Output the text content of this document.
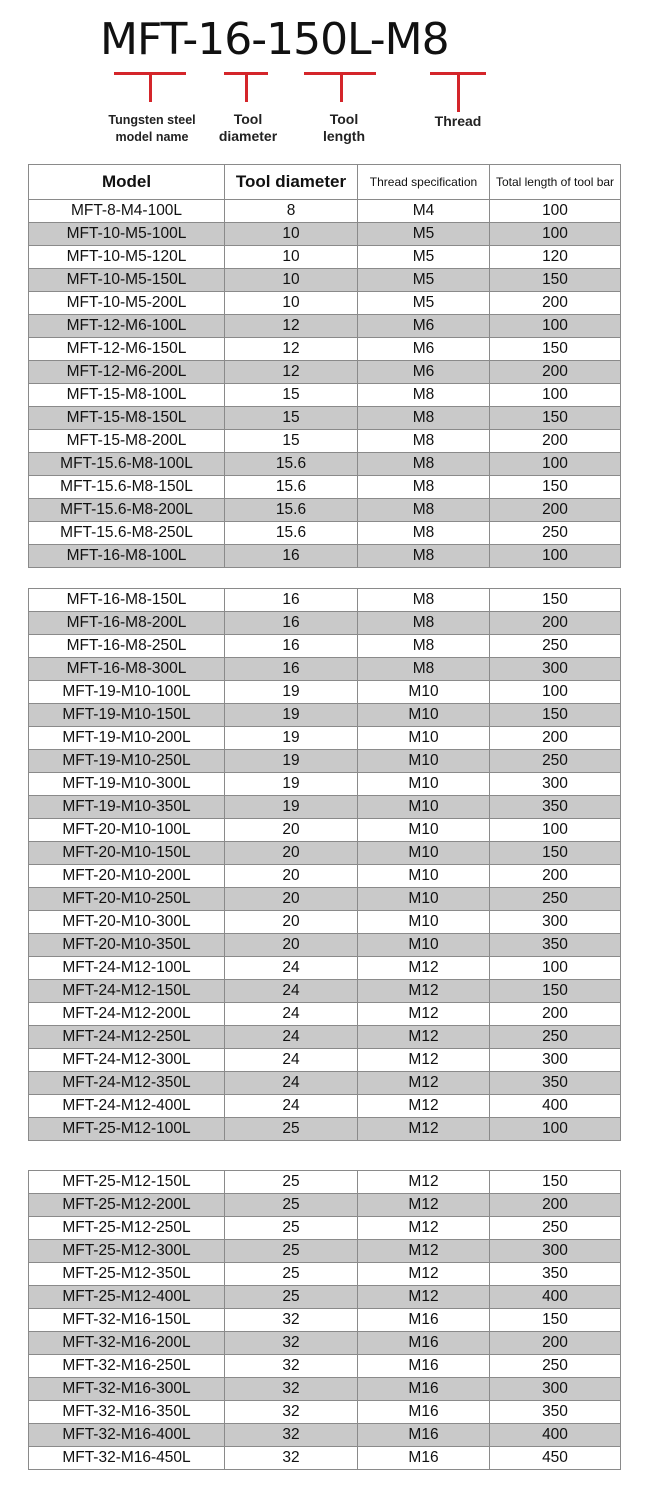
MFT-16-150L-M8
Tungsten steel model name
Tool diameter
Tool length
Thread
Model	Tool diameter	Thread specification	Total length of tool bar
MFT-8-M4-100L	8	M4	100
MFT-10-M5-100L	10	M5	100
MFT-10-M5-120L	10	M5	120
MFT-10-M5-150L	10	M5	150
MFT-10-M5-200L	10	M5	200
MFT-12-M6-100L	12	M6	100
MFT-12-M6-150L	12	M6	150
MFT-12-M6-200L	12	M6	200
MFT-15-M8-100L	15	M8	100
MFT-15-M8-150L	15	M8	150
MFT-15-M8-200L	15	M8	200
MFT-15.6-M8-100L	15.6	M8	100
MFT-15.6-M8-150L	15.6	M8	150
MFT-15.6-M8-200L	15.6	M8	200
MFT-15.6-M8-250L	15.6	M8	250
MFT-16-M8-100L	16	M8	100
MFT-16-M8-150L	16	M8	150
MFT-16-M8-200L	16	M8	200
MFT-16-M8-250L	16	M8	250
MFT-16-M8-300L	16	M8	300
MFT-19-M10-100L	19	M10	100
MFT-19-M10-150L	19	M10	150
MFT-19-M10-200L	19	M10	200
MFT-19-M10-250L	19	M10	250
MFT-19-M10-300L	19	M10	300
MFT-19-M10-350L	19	M10	350
MFT-20-M10-100L	20	M10	100
MFT-20-M10-150L	20	M10	150
MFT-20-M10-200L	20	M10	200
MFT-20-M10-250L	20	M10	250
MFT-20-M10-300L	20	M10	300
MFT-20-M10-350L	20	M10	350
MFT-24-M12-100L	24	M12	100
MFT-24-M12-150L	24	M12	150
MFT-24-M12-200L	24	M12	200
MFT-24-M12-250L	24	M12	250
MFT-24-M12-300L	24	M12	300
MFT-24-M12-350L	24	M12	350
MFT-24-M12-400L	24	M12	400
MFT-25-M12-100L	25	M12	100
MFT-25-M12-150L	25	M12	150
MFT-25-M12-200L	25	M12	200
MFT-25-M12-250L	25	M12	250
MFT-25-M12-300L	25	M12	300
MFT-25-M12-350L	25	M12	350
MFT-25-M12-400L	25	M12	400
MFT-32-M16-150L	32	M16	150
MFT-32-M16-200L	32	M16	200
MFT-32-M16-250L	32	M16	250
MFT-32-M16-300L	32	M16	300
MFT-32-M16-350L	32	M16	350
MFT-32-M16-400L	32	M16	400
MFT-32-M16-450L	32	M16	450
